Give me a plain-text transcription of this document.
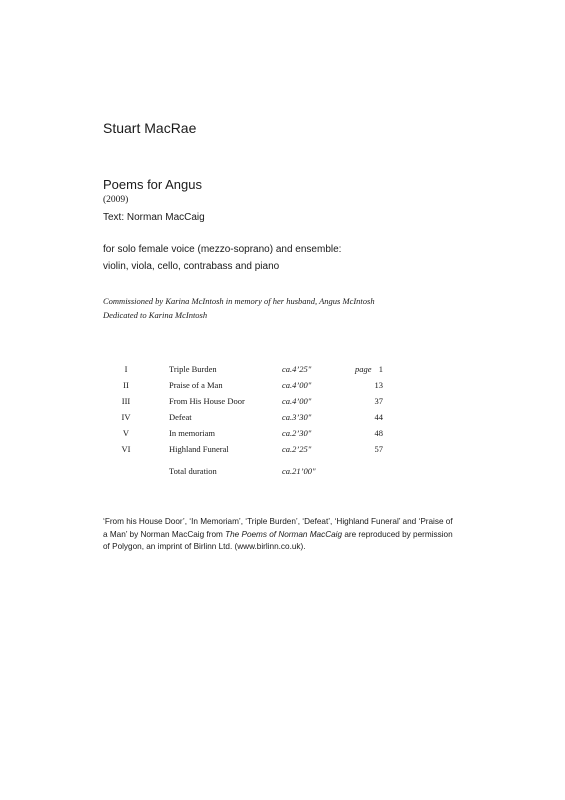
Stuart MacRae
Poems for Angus
(2009)
Text: Norman MacCaig
for solo female voice (mezzo-soprano) and ensemble:
violin, viola, cello, contrabass and piano
Commissioned by Karina McIntosh in memory of her husband, Angus McIntosh
Dedicated to Karina McIntosh
page
I	Triple Burden	ca.4’25"	1
II	Praise of a Man	ca.4’00"	13
III	From His House Door	ca.4’00"	37
IV	Defeat	ca.3’30"	44
V	In memoriam	ca.2’30"	48
VI	Highland Funeral	ca.2’25"	57
Total duration	ca.21’00"
‘From his House Door’, ‘In Memoriam’, ‘Triple Burden’, ‘Defeat’, ‘Highland Funeral’ and ‘Praise of a Man’ by Norman MacCaig from The Poems of Norman MacCaig are reproduced by permission of Polygon, an imprint of Birlinn Ltd. (www.birlinn.co.uk).
